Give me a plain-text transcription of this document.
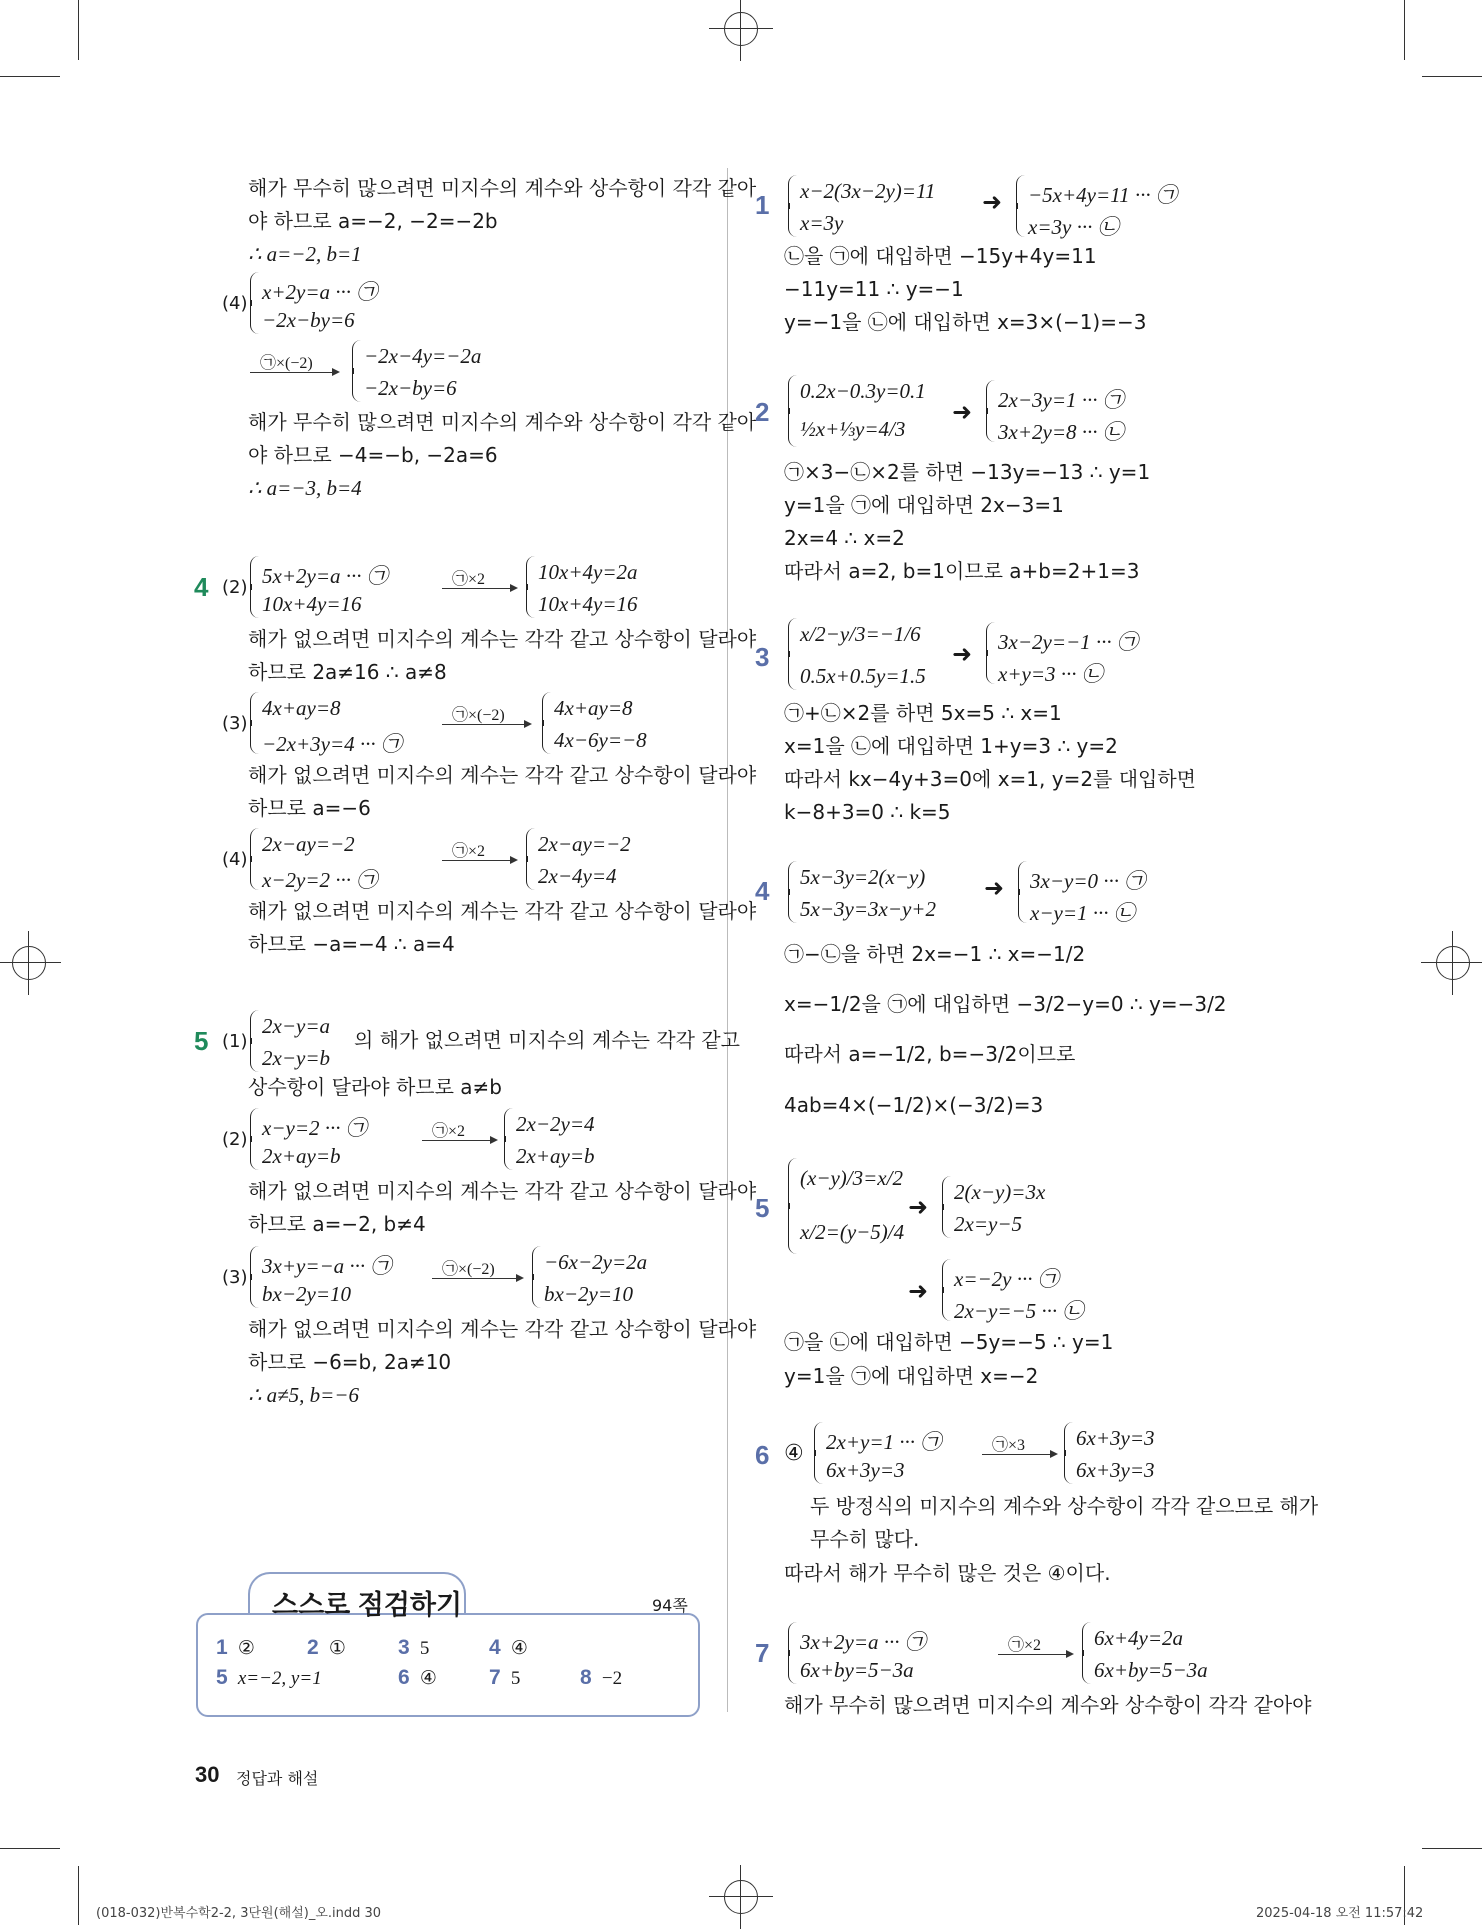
해가 무수히 많으려면 미지수의 계수와 상수항이 각각 같아
야 하므로 a=−2, −2=−2b
∴ a=−2, b=1
(4) x+2y=a ··· ㉠
−2x−by=6
㉠×(−2) −2x−4y=−2a
−2x−by=6
해가 무수히 많으려면 미지수의 계수와 상수항이 각각 같아
야 하므로 −4=−b, −2a=6
∴ a=−3, b=4
4 (2) 5x+2y=a ··· ㉠
10x+4y=16
㉠×2	10x+4y=2a
10x+4y=16
해가 없으려면 미지수의 계수는 각각 같고 상수항이 달라야
하므로 2a≠16 ∴ a≠8
(3)
4x+ay=8
−2x+3y=4 ··· ㉠
㉠×(−2) 4x+ay=8
4x−6y=−8
해가 없으려면 미지수의 계수는 각각 같고 상수항이 달라야
하므로 a=−6
(4)
2x−ay=−2
x−2y=2 ··· ㉠
㉠×2	2x−ay=−2
2x−4y=4
해가 없으려면 미지수의 계수는 각각 같고 상수항이 달라야
하므로 −a=−4 ∴ a=4
5 (1)
2x−y=a
2x−y=b
의 해가 없으려면 미지수의 계수는 각각 같고
상수항이 달라야 하므로 a≠b
(2) x−y=2 ··· ㉠
2x+ay=b
㉠×2 2x−2y=4
2x+ay=b
해가 없으려면 미지수의 계수는 각각 같고 상수항이 달라야
하므로 a=−2, b≠4
(3) 3x+y=−a ··· ㉠
bx−2y=10
㉠×(−2) −6x−2y=2a
bx−2y=10
해가 없으려면 미지수의 계수는 각각 같고 상수항이 달라야
하므로 −6=b, 2a≠10
∴ a≠5, b=−6
스스로 점검하기	94쪽
1 ② 2 ① 3 5	4 ④
5 x=−2, y=1	6 ④ 7 5	8 −2
1 x−2(3x−2y)=11
x=3y
➜ −5x+4y=11 ··· ㉠
x=3y ··· ㉡
㉡을 ㉠에 대입하면 −15y+4y=11
−11y=11 ∴ y=−1
y=−1을 ㉡에 대입하면 x=3×(−1)=−3
2
0.2x−0.3y=0.1
½x+⅓y=4/3
➜ 2x−3y=1 ··· ㉠
3x+2y=8 ··· ㉡
㉠×3−㉡×2를 하면 −13y=−13 ∴ y=1
y=1을 ㉠에 대입하면 2x−3=1
2x=4 ∴ x=2
따라서 a=2, b=1이므로 a+b=2+1=3
3
x/2−y/3=−1/6
0.5x+0.5y=1.5
➜ 3x−2y=−1 ··· ㉠
x+y=3 ··· ㉡
㉠+㉡×2를 하면 5x=5 ∴ x=1
x=1을 ㉡에 대입하면 1+y=3 ∴ y=2
따라서 kx−4y+3=0에 x=1, y=2를 대입하면
k−8+3=0 ∴ k=5
4 5x−3y=2(x−y)
5x−3y=3x−y+2
➜ 3x−y=0 ··· ㉠
x−y=1 ··· ㉡
㉠−㉡을 하면 2x=−1 ∴ x=−1/2
x=−1/2을 ㉠에 대입하면 −3/2−y=0 ∴ y=−3/2
따라서 a=−1/2, b=−3/2이므로
4ab=4×(−1/2)×(−3/2)=3
5
(x−y)/3=x/2
x/2=(y−5)/4
➜
2(x−y)=3x
2x=y−5
➜ x=−2y ··· ㉠
2x−y=−5 ··· ㉡
㉠을 ㉡에 대입하면 −5y=−5 ∴ y=1
y=1을 ㉠에 대입하면 x=−2
6 ④ 2x+y=1 ··· ㉠
6x+3y=3
㉠×3 6x+3y=3
6x+3y=3
두 방정식의 미지수의 계수와 상수항이 각각 같으므로 해가
무수히 많다.
따라서 해가 무수히 많은 것은 ④이다.
7 3x+2y=a ··· ㉠
6x+by=5−3a
㉠×2	6x+4y=2a
6x+by=5−3a
해가 무수히 많으려면 미지수의 계수와 상수항이 각각 같아야
30 정답과 해설
(018-032)반복수학2-2, 3단원(해설)_오.indd 30	2025-04-18 오전 11:57:42
